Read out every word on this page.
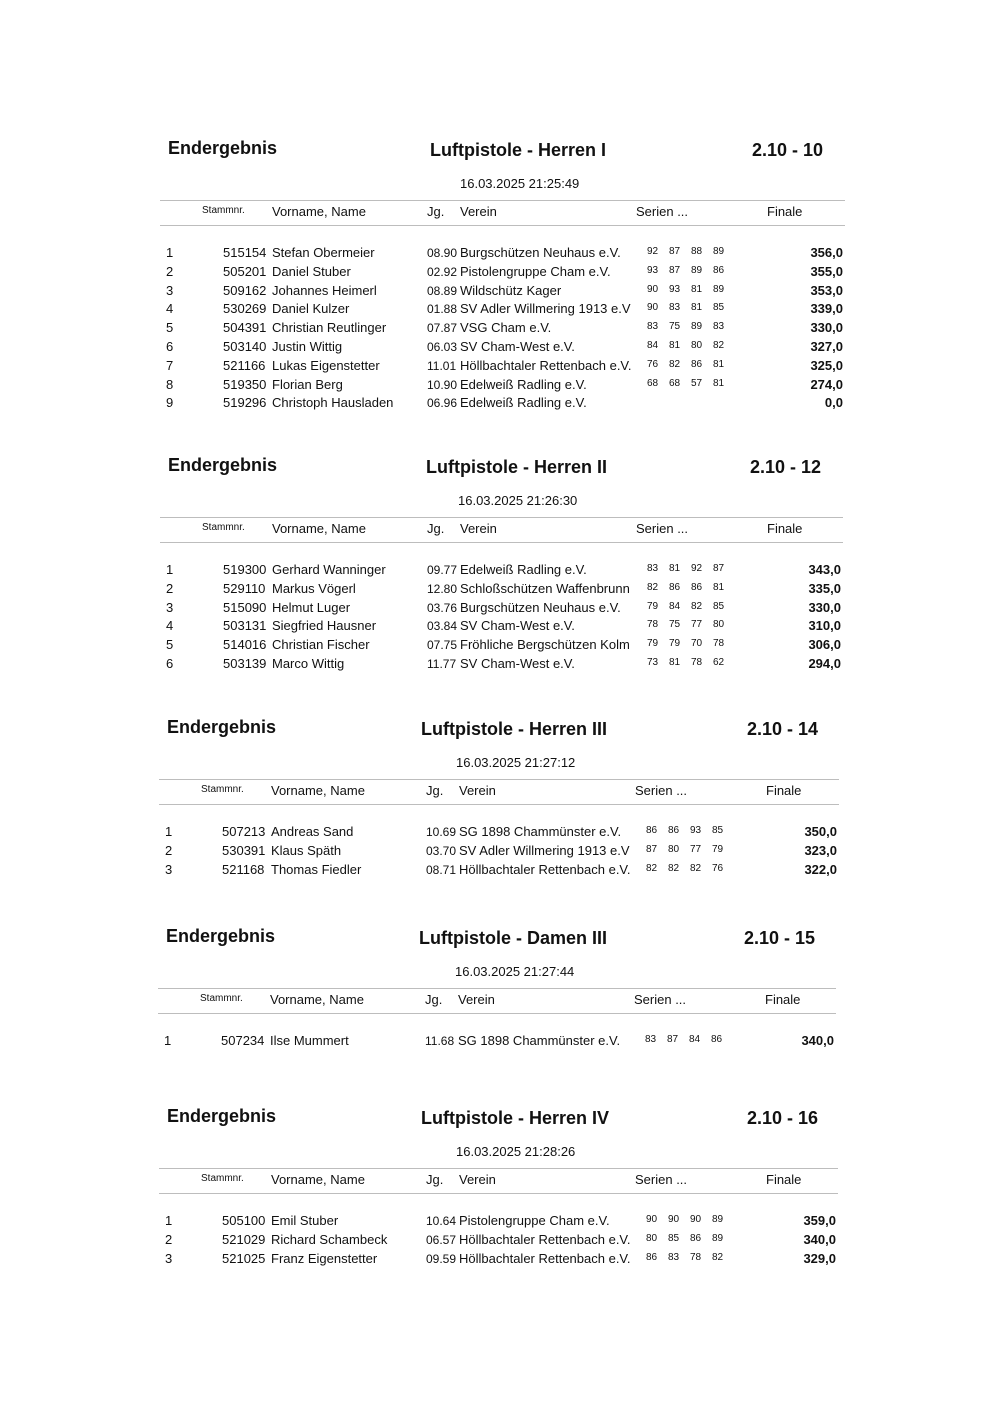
Endergebnis	Luftpistole - Herren I	2.10 - 10
16.03.2025 21:25:49
Stammnr. Vorname, Name	Jg. Verein	Serien ...	Finale
1	515154 Stefan Obermeier	08.90 Burgschützen Neuhaus e.V.	92 87 88 89	356,0
2	505201 Daniel Stuber	02.92 Pistolengruppe Cham e.V.	93 87 89 86	355,0
3	509162 Johannes Heimerl	08.89 Wildschütz Kager	90 93 81 89	353,0
4	530269 Daniel Kulzer	01.88 SV Adler Willmering 1913 e.V 90 83 81 85	339,0
5	504391 Christian Reutlinger	07.87 VSG Cham e.V.	83 75 89 83	330,0
6	503140 Justin Wittig	06.03 SV Cham-West e.V.	84 81 80 82	327,0
7	521166 Lukas Eigenstetter	11.01 Höllbachtaler Rettenbach e.V. 76 82 86 81	325,0
8	519350 Florian Berg	10.90 Edelweiß Radling e.V.	68 68 57 81	274,0
9	519296 Christoph Hausladen	06.96 Edelweiß Radling e.V.	0,0
Endergebnis	Luftpistole - Herren II	2.10 - 12
16.03.2025 21:26:30
Stammnr. Vorname, Name	Jg. Verein	Serien ...	Finale
1	519300 Gerhard Wanninger	09.77 Edelweiß Radling e.V.	83 81 92 87	343,0
2	529110 Markus Vögerl	12.80 Schloßschützen Waffenbrunn 82 86 86 81	335,0
3	515090 Helmut Luger	03.76 Burgschützen Neuhaus e.V.	79 84 82 85	330,0
4	503131 Siegfried Hausner	03.84 SV Cham-West e.V.	78 75 77 80	310,0
5	514016 Christian Fischer	07.75 Fröhliche Bergschützen Kolm 79 79 70 78	306,0
6	503139 Marco Wittig	11.77 SV Cham-West e.V.	73 81 78 62	294,0
Endergebnis	Luftpistole - Herren III	2.10 - 14
16.03.2025 21:27:12
Stammnr. Vorname, Name	Jg. Verein	Serien ...	Finale
1	507213 Andreas Sand	10.69 SG 1898 Chammünster e.V. 86 86 93 85	350,0
2	530391 Klaus Späth	03.70 SV Adler Willmering 1913 e.V 87 80 77 79	323,0
3	521168 Thomas Fiedler	08.71 Höllbachtaler Rettenbach e.V. 82 82 82 76	322,0
Endergebnis	Luftpistole - Damen III	2.10 - 15
16.03.2025 21:27:44
Stammnr. Vorname, Name	Jg. Verein	Serien ...	Finale
1	507234 Ilse Mummert	11.68 SG 1898 Chammünster e.V. 83 87 84 86	340,0
Endergebnis	Luftpistole - Herren IV	2.10 - 16
16.03.2025 21:28:26
Stammnr. Vorname, Name	Jg. Verein	Serien ...	Finale
1	505100 Emil Stuber	10.64 Pistolengruppe Cham e.V.	90 90 90 89	359,0
2	521029 Richard Schambeck	06.57 Höllbachtaler Rettenbach e.V. 80 85 86 89	340,0
3	521025 Franz Eigenstetter	09.59 Höllbachtaler Rettenbach e.V. 86 83 78 82	329,0
